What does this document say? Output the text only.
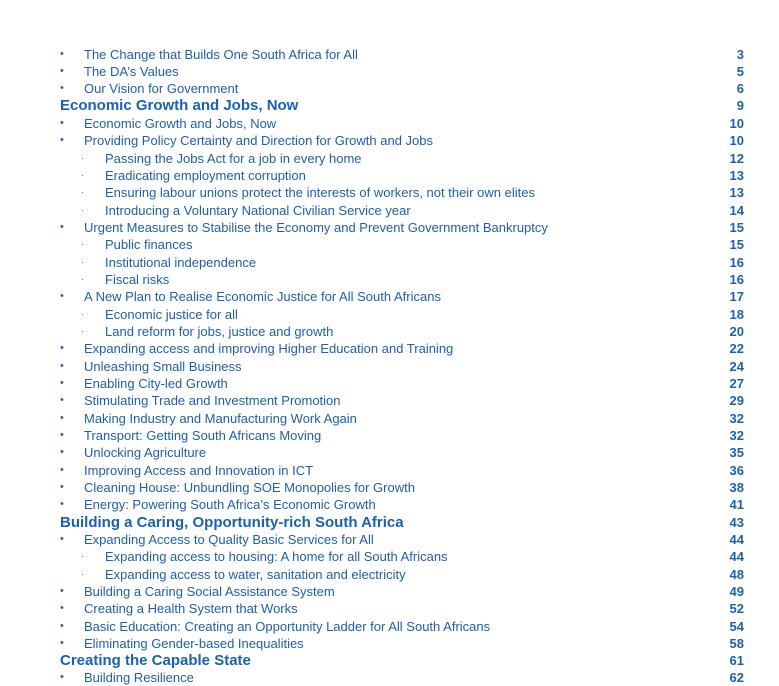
• The Change that Builds One South Africa for All	3
• The DA’s Values	5
• Our Vision for Government	6
Economic Growth and Jobs, Now	9
• Economic Growth and Jobs, Now	10
• Providing Policy Certainty and Direction for Growth and Jobs	10
· Passing the Jobs Act for a job in every home	12
· Eradicating employment corruption	13
· Ensuring labour unions protect the interests of workers, not their own elites	13
· Introducing a Voluntary National Civilian Service year	14
• Urgent Measures to Stabilise the Economy and Prevent Government Bankruptcy	15
· Public finances	15
· Institutional independence	16
· Fiscal risks	16
• A New Plan to Realise Economic Justice for All South Africans	17
· Economic justice for all	18
· Land reform for jobs, justice and growth	20
• Expanding access and improving Higher Education and Training	22
• Unleashing Small Business	24
• Enabling City-led Growth	27
• Stimulating Trade and Investment Promotion	29
• Making Industry and Manufacturing Work Again	32
• Transport: Getting South Africans Moving	32
• Unlocking Agriculture	35
• Improving Access and Innovation in ICT	36
• Cleaning House: Unbundling SOE Monopolies for Growth	38
• Energy: Powering South Africa’s Economic Growth	41
Building a Caring, Opportunity-rich South Africa	43
• Expanding Access to Quality Basic Services for All	44
· Expanding access to housing: A home for all South Africans	44
· Expanding access to water, sanitation and electricity	48
• Building a Caring Social Assistance System	49
• Creating a Health System that Works	52
• Basic Education: Creating an Opportunity Ladder for All South Africans	54
• Eliminating Gender-based Inequalities	58
Creating the Capable State	61
• Building Resilience	62
